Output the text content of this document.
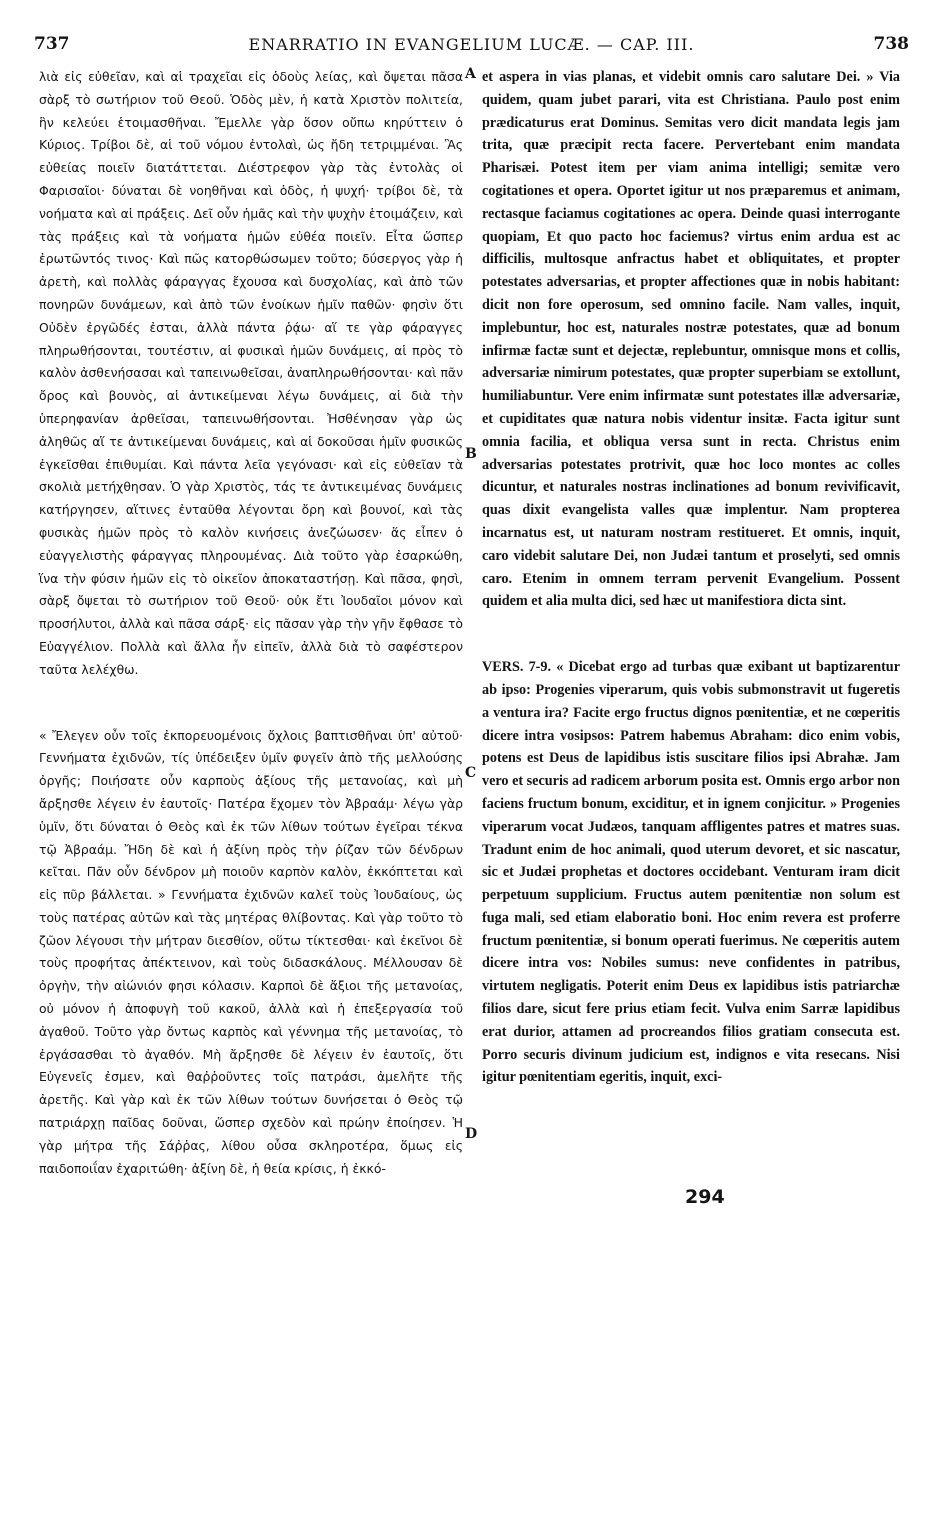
737	ENARRATIO IN EVANGELIUM LUCÆ. — CAP. III.	738

λιὰ εἰς εὐθεῖαν, καὶ αἱ τραχεῖαι εἰς ὁδοὺς λείας, καὶ ὄψεται πᾶσα σὰρξ τὸ σωτήριον τοῦ Θεοῦ. Ὁδὸς μὲν, ἡ κατὰ Χριστὸν πολιτεία, ἣν κελεύει ἑτοιμασθῆναι. Ἔμελλε γὰρ ὅσον οὔπω κηρύττειν ὁ Κύριος. Τρίβοι δὲ, αἱ τοῦ νόμου ἐντολαὶ, ὡς ἤδη τετριμμέναι. Ἃς εὐθείας ποιεῖν διατάττεται. Διέστρεφον γὰρ τὰς ἐντολὰς οἱ Φαρισαῖοι· δύναται δὲ νοηθῆναι καὶ ὁδὸς, ἡ ψυχή· τρίβοι δὲ, τὰ νοήματα καὶ αἱ πράξεις. Δεῖ οὖν ἡμᾶς καὶ τὴν ψυχὴν ἑτοιμάζειν, καὶ τὰς πράξεις καὶ τὰ νοήματα ἡμῶν εὐθέα ποιεῖν. Εἶτα ὥσπερ ἐρωτῶντός τινος· Καὶ πῶς κατορθώσωμεν τοῦτο; δύσεργος γὰρ ἡ ἀρετὴ, καὶ πολλὰς φάραγγας ἔχουσα καὶ δυσχολίας, καὶ ἀπὸ τῶν πονηρῶν δυνάμεων, καὶ ἀπὸ τῶν ἐνοίκων ἡμῖν παθῶν· φησὶν ὅτι Οὐδὲν ἐργῶδές ἐσται, ἀλλὰ πάντα ῥᾴω· αἵ τε γὰρ φάραγγες πληρωθήσονται, τουτέστιν, αἱ φυσικαὶ ἡμῶν δυνάμεις, αἱ πρὸς τὸ καλὸν ἀσθενήσασαι καὶ ταπεινωθεῖσαι, ἀναπληρωθήσονται· καὶ πᾶν ὄρος καὶ βουνὸς, αἱ ἀντικείμεναι λέγω δυνάμεις, αἱ διὰ τὴν ὑπερηφανίαν ἀρθεῖσαι, ταπεινωθήσονται. Ἠσθένησαν γὰρ ὡς ἀληθῶς αἵ τε ἀντικείμεναι δυνάμεις, καὶ αἱ δοκοῦσαι ἡμῖν φυσικῶς ἐγκεῖσθαι ἐπιθυμίαι. Καὶ πάντα λεῖα γεγόνασι· καὶ εἰς εὐθεῖαν τὰ σκολιὰ μετήχθησαν. Ὁ γὰρ Χριστὸς, τάς τε ἀντικειμένας δυνάμεις κατήργησεν, αἵτινες ἐνταῦθα λέγονται ὄρη καὶ βουνοί, καὶ τὰς φυσικὰς ἡμῶν πρὸς τὸ καλὸν κινήσεις ἀνεζώωσεν· ἅς εἶπεν ὁ εὐαγγελιστὴς φάραγγας πληρουμένας. Διὰ τοῦτο γὰρ ἐσαρκώθη, ἵνα τὴν φύσιν ἡμῶν εἰς τὸ οἰκεῖον ἀποκαταστήσῃ. Καὶ πᾶσα, φησὶ, σὰρξ ὄψεται τὸ σωτήριον τοῦ Θεοῦ· οὐκ ἔτι Ἰουδαῖοι μόνον καὶ προσήλυτοι, ἀλλὰ καὶ πᾶσα σάρξ· εἰς πᾶσαν γὰρ τὴν γῆν ἔφθασε τὸ Εὐαγγέλιον. Πολλὰ καὶ ἄλλα ἦν εἰπεῖν, ἀλλὰ διὰ τὸ σαφέστερον ταῦτα λελέχθω.

« Ἔλεγεν οὖν τοῖς ἐκπορευομένοις ὄχλοις βαπτισθῆναι ὑπ' αὐτοῦ· Γεννήματα ἐχιδνῶν, τίς ὑπέδειξεν ὑμῖν φυγεῖν ἀπὸ τῆς μελλούσης ὀργῆς; Ποιήσατε οὖν καρποὺς ἀξίους τῆς μετανοίας, καὶ μὴ ἄρξησθε λέγειν ἐν ἑαυτοῖς· Πατέρα ἔχομεν τὸν Ἀβραάμ· λέγω γὰρ ὑμῖν, ὅτι δύναται ὁ Θεὸς καὶ ἐκ τῶν λίθων τούτων ἐγεῖραι τέκνα τῷ Ἀβραάμ. Ἤδη δὲ καὶ ἡ ἀξίνη πρὸς τὴν ῥίζαν τῶν δένδρων κεῖται. Πᾶν οὖν δένδρον μὴ ποιοῦν καρπὸν καλὸν, ἐκκόπτεται καὶ εἰς πῦρ βάλλεται. » Γεννήματα ἐχιδνῶν καλεῖ τοὺς Ἰουδαίους, ὡς τοὺς πατέρας αὐτῶν καὶ τὰς μητέρας θλίβοντας. Καὶ γὰρ τοῦτο τὸ ζῶον λέγουσι τὴν μήτραν διεσθίον, οὕτω τίκτεσθαι· καὶ ἐκεῖνοι δὲ τοὺς προφήτας ἀπέκτεινον, καὶ τοὺς διδασκάλους. Μέλλουσαν δὲ ὀργὴν, τὴν αἰώνιόν φησι κόλασιν. Καρποὶ δὲ ἄξιοι τῆς μετανοίας, οὐ μόνον ἡ ἀποφυγὴ τοῦ κακοῦ, ἀλλὰ καὶ ἡ ἐπεξεργασία τοῦ ἀγαθοῦ. Τοῦτο γὰρ ὄντως καρπὸς καὶ γέννημα τῆς μετανοίας, τὸ ἐργάσασθαι τὸ ἀγαθόν. Μὴ ἄρξησθε δὲ λέγειν ἐν ἑαυτοῖς, ὅτι Εὐγενεῖς ἐσμεν, καὶ θαῤῥοῦντες τοῖς πατράσι, ἀμελῆτε τῆς ἀρετῆς. Καὶ γὰρ καὶ ἐκ τῶν λίθων τούτων δυνήσεται ὁ Θεὸς τῷ πατριάρχῃ παῖδας δοῦναι, ὥσπερ σχεδὸν καὶ πρώην ἐποίησεν. Ἡ γὰρ μήτρα τῆς Σάῤῥας, λίθου οὖσα σκληροτέρα, ὅμως εἰς παιδοποιΐαν ἐχαριτώθη· ἀξίνη δὲ, ἡ θεία κρίσις, ἡ ἐκκό-

A
B
C
D

et aspera in vias planas, et videbit omnis caro salutare Dei. » Via quidem, quam jubet parari, vita est Christiana. Paulo post enim prædicaturus erat Dominus. Semitas vero dicit mandata legis jam trita, quæ præcipit recta facere. Pervertebant enim mandata Pharisæi. Potest item per viam anima intelligi; semitæ vero cogitationes et opera. Oportet igitur ut nos præparemus et animam, rectasque faciamus cogitationes ac opera. Deinde quasi interrogante quopiam, Et quo pacto hoc faciemus? virtus enim ardua est ac difficilis, multosque anfractus habet et obliquitates, et propter potestates adversarias, et propter affectiones quæ in nobis habitant: dicit non fore operosum, sed omnino facile. Nam valles, inquit, implebuntur, hoc est, naturales nostræ potestates, quæ ad bonum infirmæ factæ sunt et dejectæ, replebuntur, omnisque mons et collis, adversariæ nimirum potestates, quæ propter superbiam se extollunt, humiliabuntur. Vere enim infirmatæ sunt potestates illæ adversariæ, et cupiditates quæ natura nobis videntur insitæ. Facta igitur sunt omnia facilia, et obliqua versa sunt in recta. Christus enim adversarias potestates protrivit, quæ hoc loco montes ac colles dicuntur, et naturales nostras inclinationes ad bonum revivificavit, quas dixit evangelista valles quæ implentur. Nam propterea incarnatus est, ut naturam nostram restitueret. Et omnis, inquit, caro videbit salutare Dei, non Judæi tantum et proselyti, sed omnis caro. Etenim in omnem terram pervenit Evangelium. Possent quidem et alia multa dici, sed hæc ut manifestiora dicta sint.

VERS. 7-9. « Dicebat ergo ad turbas quæ exibant ut baptizarentur ab ipso: Progenies viperarum, quis vobis submonstravit ut fugeretis a ventura ira? Facite ergo fructus dignos pœnitentiæ, et ne cœperitis dicere intra vosipsos: Patrem habemus Abraham: dico enim vobis, potens est Deus de lapidibus istis suscitare filios ipsi Abrahæ. Jam vero et securis ad radicem arborum posita est. Omnis ergo arbor non faciens fructum bonum, exciditur, et in ignem conjicitur. » Progenies viperarum vocat Judæos, tanquam affligentes patres et matres suas. Tradunt enim de hoc animali, quod uterum devoret, et sic nascatur, sic et Judæi prophetas et doctores occidebant. Venturam iram dicit perpetuum supplicium. Fructus autem pœnitentiæ non solum est fuga mali, sed etiam elaboratio boni. Hoc enim revera est proferre fructum pœnitentiæ, si bonum operati fuerimus. Ne cœperitis autem dicere intra vos: Nobiles sumus: neve confidentes in patribus, virtutem negligatis. Poterit enim Deus ex lapidibus istis patriarchæ filios dare, sicut fere prius etiam fecit. Vulva enim Sarræ lapidibus erat durior, attamen ad procreandos filios gratiam consecuta est. Porro securis divinum judicium est, indignos e vita resecans. Nisi igitur pœnitentiam egeritis, inquit, exci-

294
